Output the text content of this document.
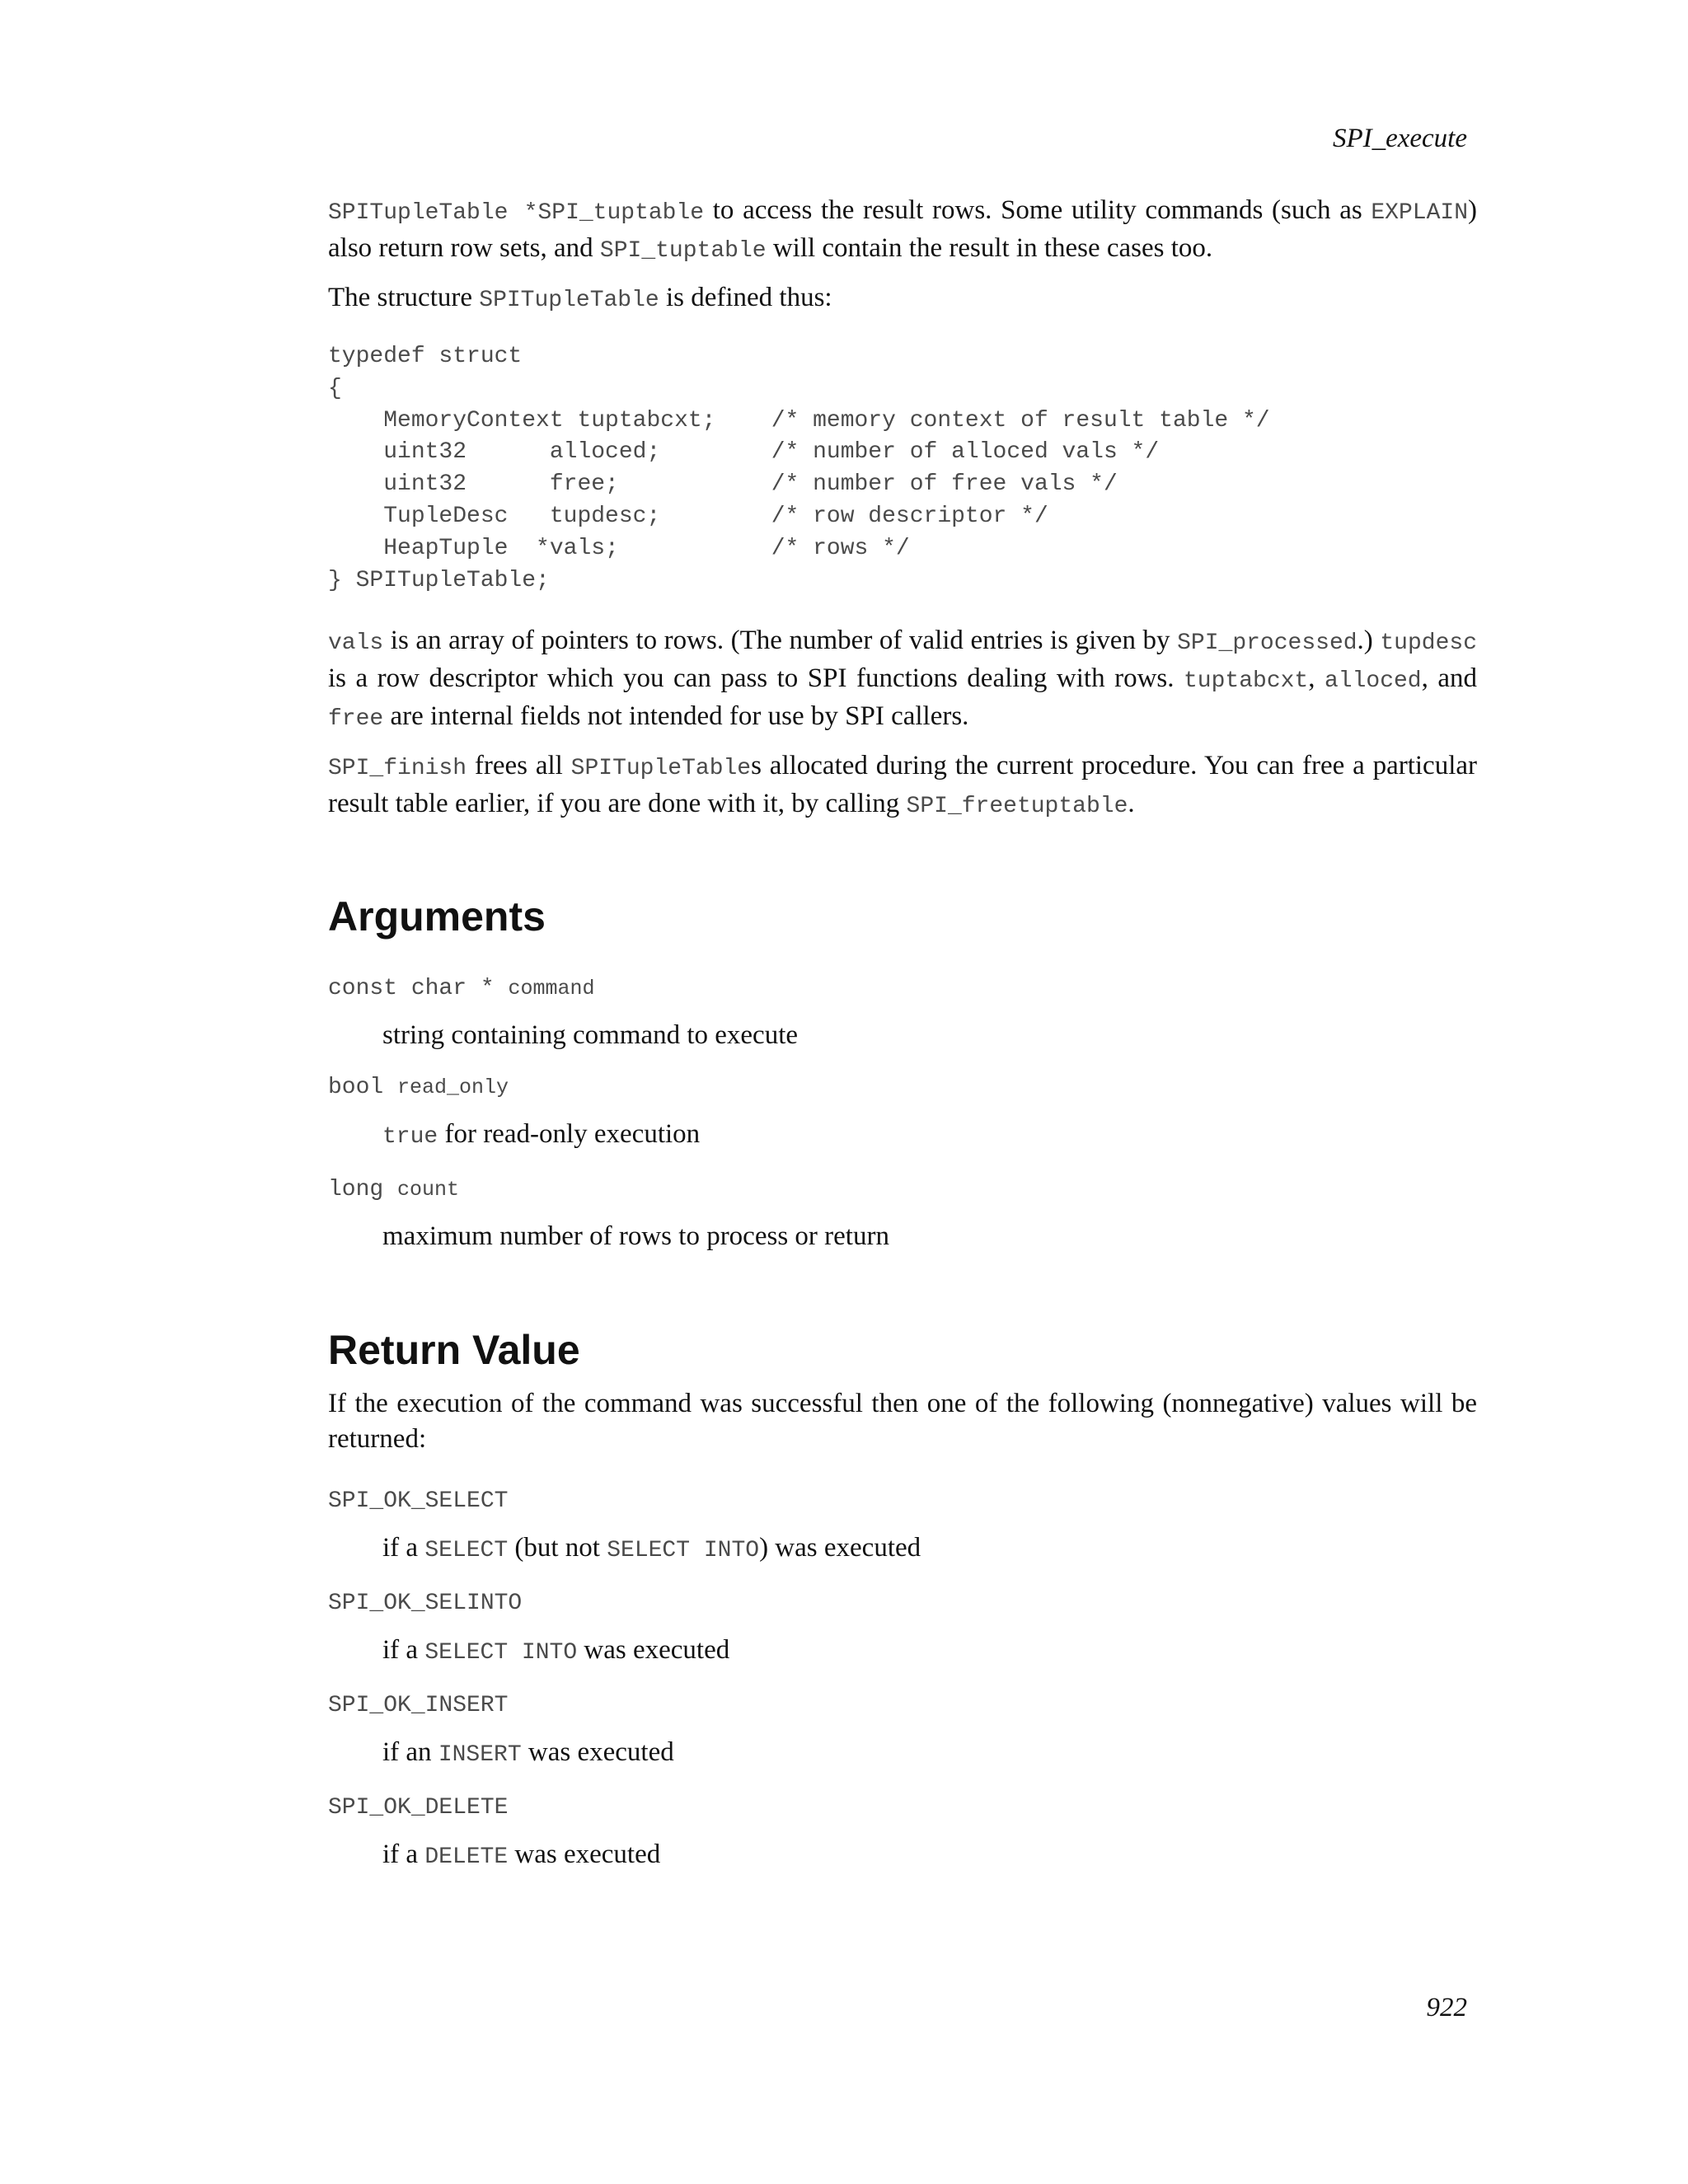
SPI_execute

SPITupleTable *SPI_tuptable to access the result rows. Some utility commands (such as EXPLAIN) also return row sets, and SPI_tuptable will contain the result in these cases too.

The structure SPITupleTable is defined thus:

typedef struct
{
MemoryContext tuptabcxt;    /* memory context of result table */
uint32      alloced;        /* number of alloced vals */
uint32      free;           /* number of free vals */
TupleDesc   tupdesc;        /* row descriptor */
HeapTuple  *vals;           /* rows */
} SPITupleTable;

vals is an array of pointers to rows. (The number of valid entries is given by SPI_processed.) tupdesc is a row descriptor which you can pass to SPI functions dealing with rows. tuptabcxt, alloced, and free are internal fields not intended for use by SPI callers.

SPI_finish frees all SPITupleTables allocated during the current procedure. You can free a particular result table earlier, if you are done with it, by calling SPI_freetuptable.

Arguments
const char * command
string containing command to execute
bool read_only
true for read-only execution
long count
maximum number of rows to process or return
Return Value

If the execution of the command was successful then one of the following (nonnegative) values will be returned:

SPI_OK_SELECT
if a SELECT (but not SELECT INTO) was executed
SPI_OK_SELINTO
if a SELECT INTO was executed
SPI_OK_INSERT
if an INSERT was executed
SPI_OK_DELETE
if a DELETE was executed
922
